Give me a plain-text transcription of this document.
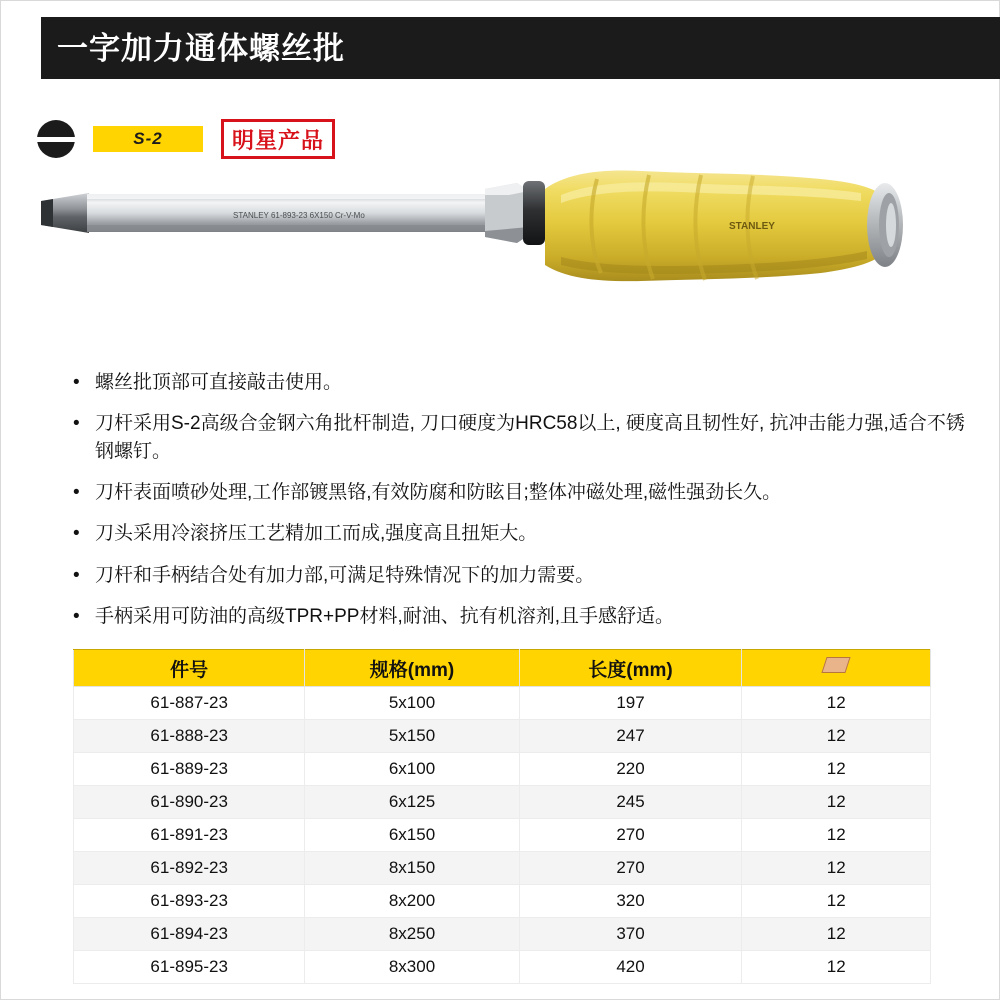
一字加力通体螺丝批
S-2	明星产品
STANLEY 61-893-23 6X150 Cr-V-Mo
STANLEY
• 螺丝批顶部可直接敲击使用。
• 刀杆采用S-2高级合金钢六角批杆制造, 刀口硬度为HRC58以上, 硬度高且韧性好, 抗冲击能力强,适合不锈钢螺钉。
• 刀杆表面喷砂处理,工作部镀黑铬,有效防腐和防眩目;整体冲磁处理,磁性强劲长久。
• 刀头采用冷滚挤压工艺精加工而成,强度高且扭矩大。
• 刀杆和手柄结合处有加力部,可满足特殊情况下的加力需要。
• 手柄采用可防油的高级TPR+PP材料,耐油、抗有机溶剂,且手感舒适。
件号	规格(mm)	长度(mm)	
61-887-23	5x100	197	12
61-888-23	5x150	247	12
61-889-23	6x100	220	12
61-890-23	6x125	245	12
61-891-23	6x150	270	12
61-892-23	8x150	270	12
61-893-23	8x200	320	12
61-894-23	8x250	370	12
61-895-23	8x300	420	12
